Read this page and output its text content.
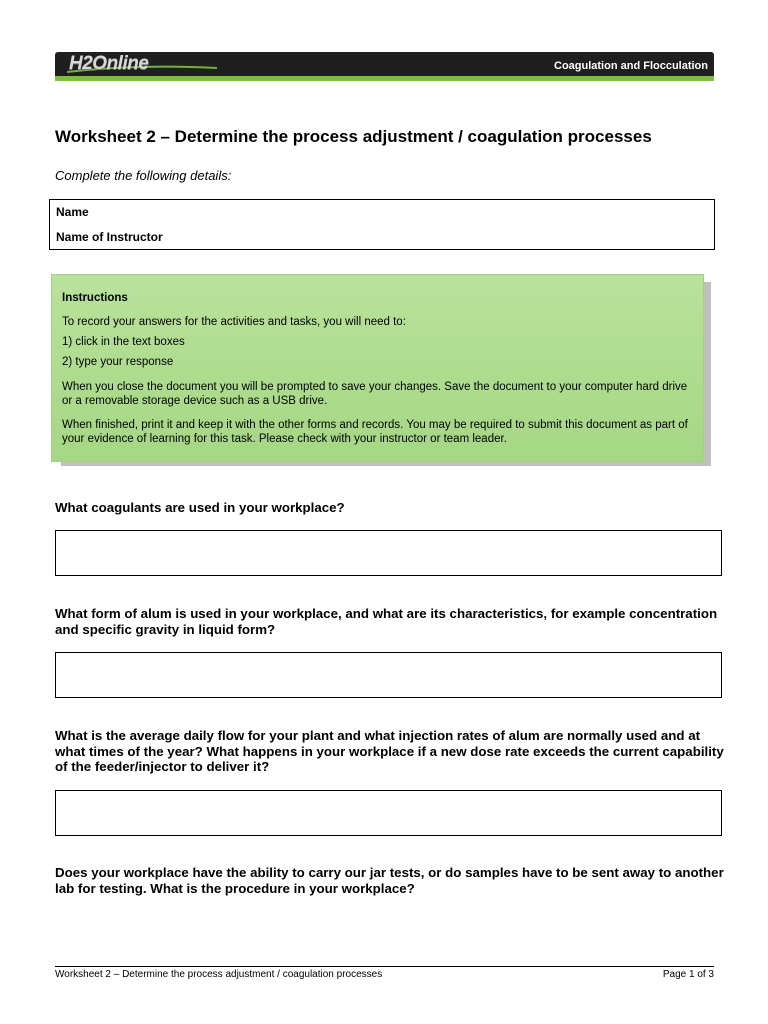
H2Online	Coagulation and Flocculation
Worksheet 2 – Determine the process adjustment / coagulation processes
Complete the following details:
Name
Name of Instructor
Instructions
To record your answers for the activities and tasks, you will need to:
1) click in the text boxes
2) type your response
When you close the document you will be prompted to save your changes. Save the document to your computer hard drive or a removable storage device such as a USB drive.
When finished, print it and keep it with the other forms and records. You may be required to submit this document as part of your evidence of learning for this task. Please check with your instructor or team leader.
What coagulants are used in your workplace?
What form of alum is used in your workplace, and what are its characteristics, for example concentration and specific gravity in liquid form?
What is the average daily flow for your plant and what injection rates of alum are normally used and at what times of the year? What happens in your workplace if a new dose rate exceeds the current capability of the feeder/injector to deliver it?
Does your workplace have the ability to carry our jar tests, or do samples have to be sent away to another lab for testing. What is the procedure in your workplace?
Worksheet 2 – Determine the process adjustment / coagulation processes	Page 1 of 3
